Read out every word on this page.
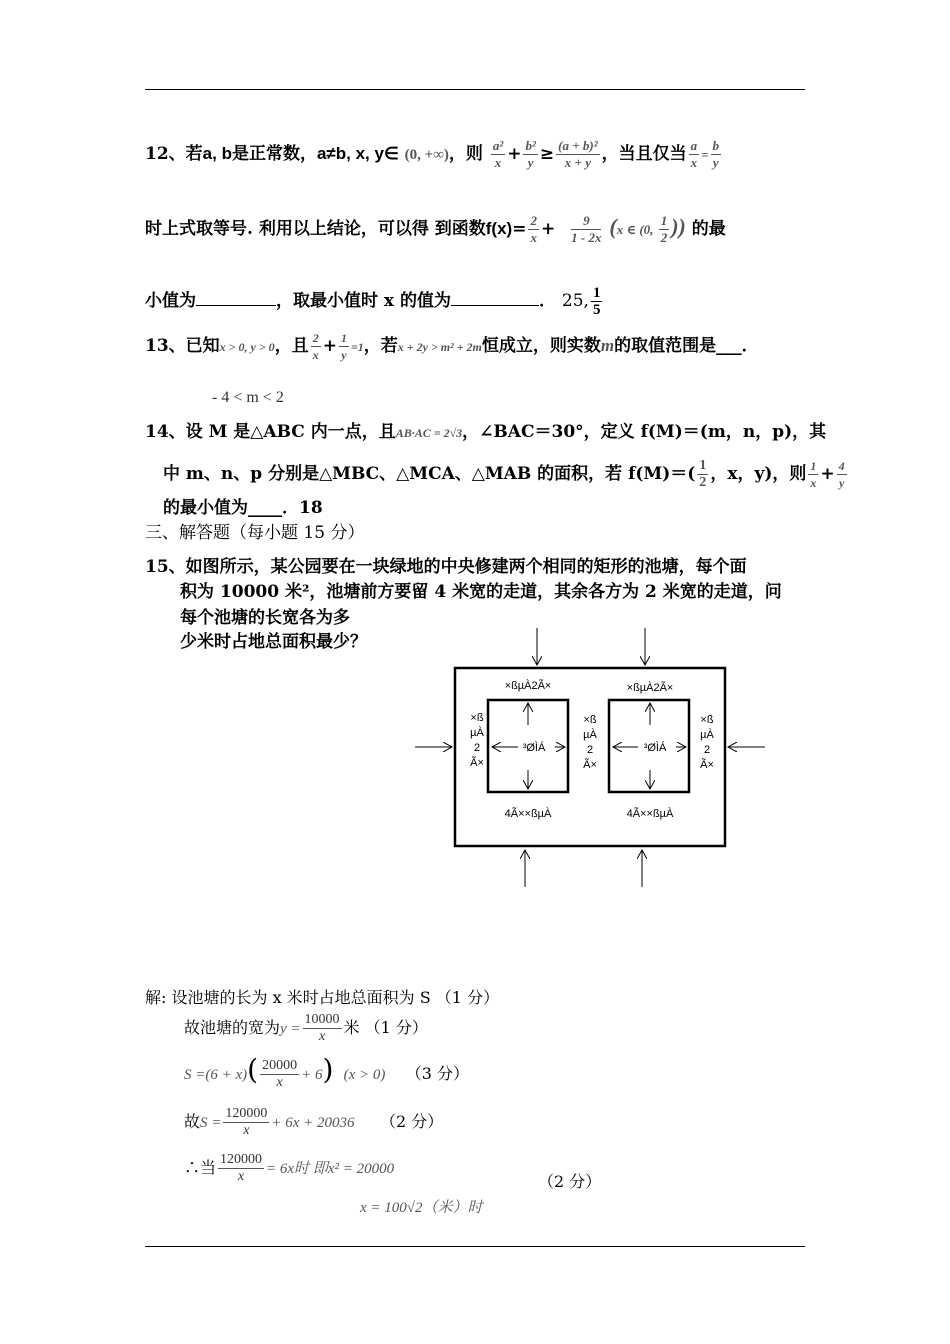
12、若a, b是正常数，a≠b, x, y∈ (0, +∞)，则 $\frac{\text{a²}}{x} + \frac{\text{b²}}{y} \ge \frac{\text{(a + b)²}}{x + y}$ ，当且仅当 $\frac{a}{x} = \frac{b}{y}$
时上式取等号. 利用以上结论，可以得 到函数$f(x)= \frac{2}{x} + \frac{9}{1 - 2x} (x$ ∈ (0, $\frac{1}{2}$ )) 的最
小值为	，取最小值时 x 的值为	． 25, $\frac{1}{5}$
13、已知x > 0, y > 0，且 $\frac{2}{x} + \frac{1}{y} =1$，若x + 2y > m² + 2m恒成立，则实数m的取值范围是___．
- 4 < m < 2
14、设 M 是△ABC 内一点，且AB·AC = 2√3，∠BAC＝30°，定义 f(M)＝(m，n，p)，其
中 m、n、p 分别是△MBC、△MCA、△MAB 的面积，若 $f(M)=( \frac{1}{2}$ ，x，y)，则 $\frac{1}{x} + \frac{4}{y}$
的最小值为____．18
三、解答题（每小题 15 分）
15、如图所示，某公园要在一块绿地的中央修建两个相同的矩形的池塘，每个面
积为 10000 米²，池塘前方要留 4 米宽的走道，其余各方为 2 米宽的走道，问
每个池塘的长宽各为多
少米时占地总面积最少？
×ßµÀ2Ã×	×ßµÀ2Ã×
³ØÌÁ	³ØÌÁ
4Ã××ßµÀ	4Ã××ßµÀ
×ß
µÀ
2
Ã×
×ß
µÀ
2
Ã×
×ß
µÀ
2
Ã×
解: 设池塘的长为 x 米时占地总面积为 S （1 分）
故池塘的宽为$y = \frac{10000}{x}$ 米 （1 分）
$S =(6 + x)( \frac{20000}{x} + 6)$ (x > 0) （3 分）
故$S = \frac{120000}{x} + 6x + 20036$ （2 分）
∴当 $\frac{120000}{x} = 6x$时 即x² = 20000
（2 分）
x = 100√2（米）时
